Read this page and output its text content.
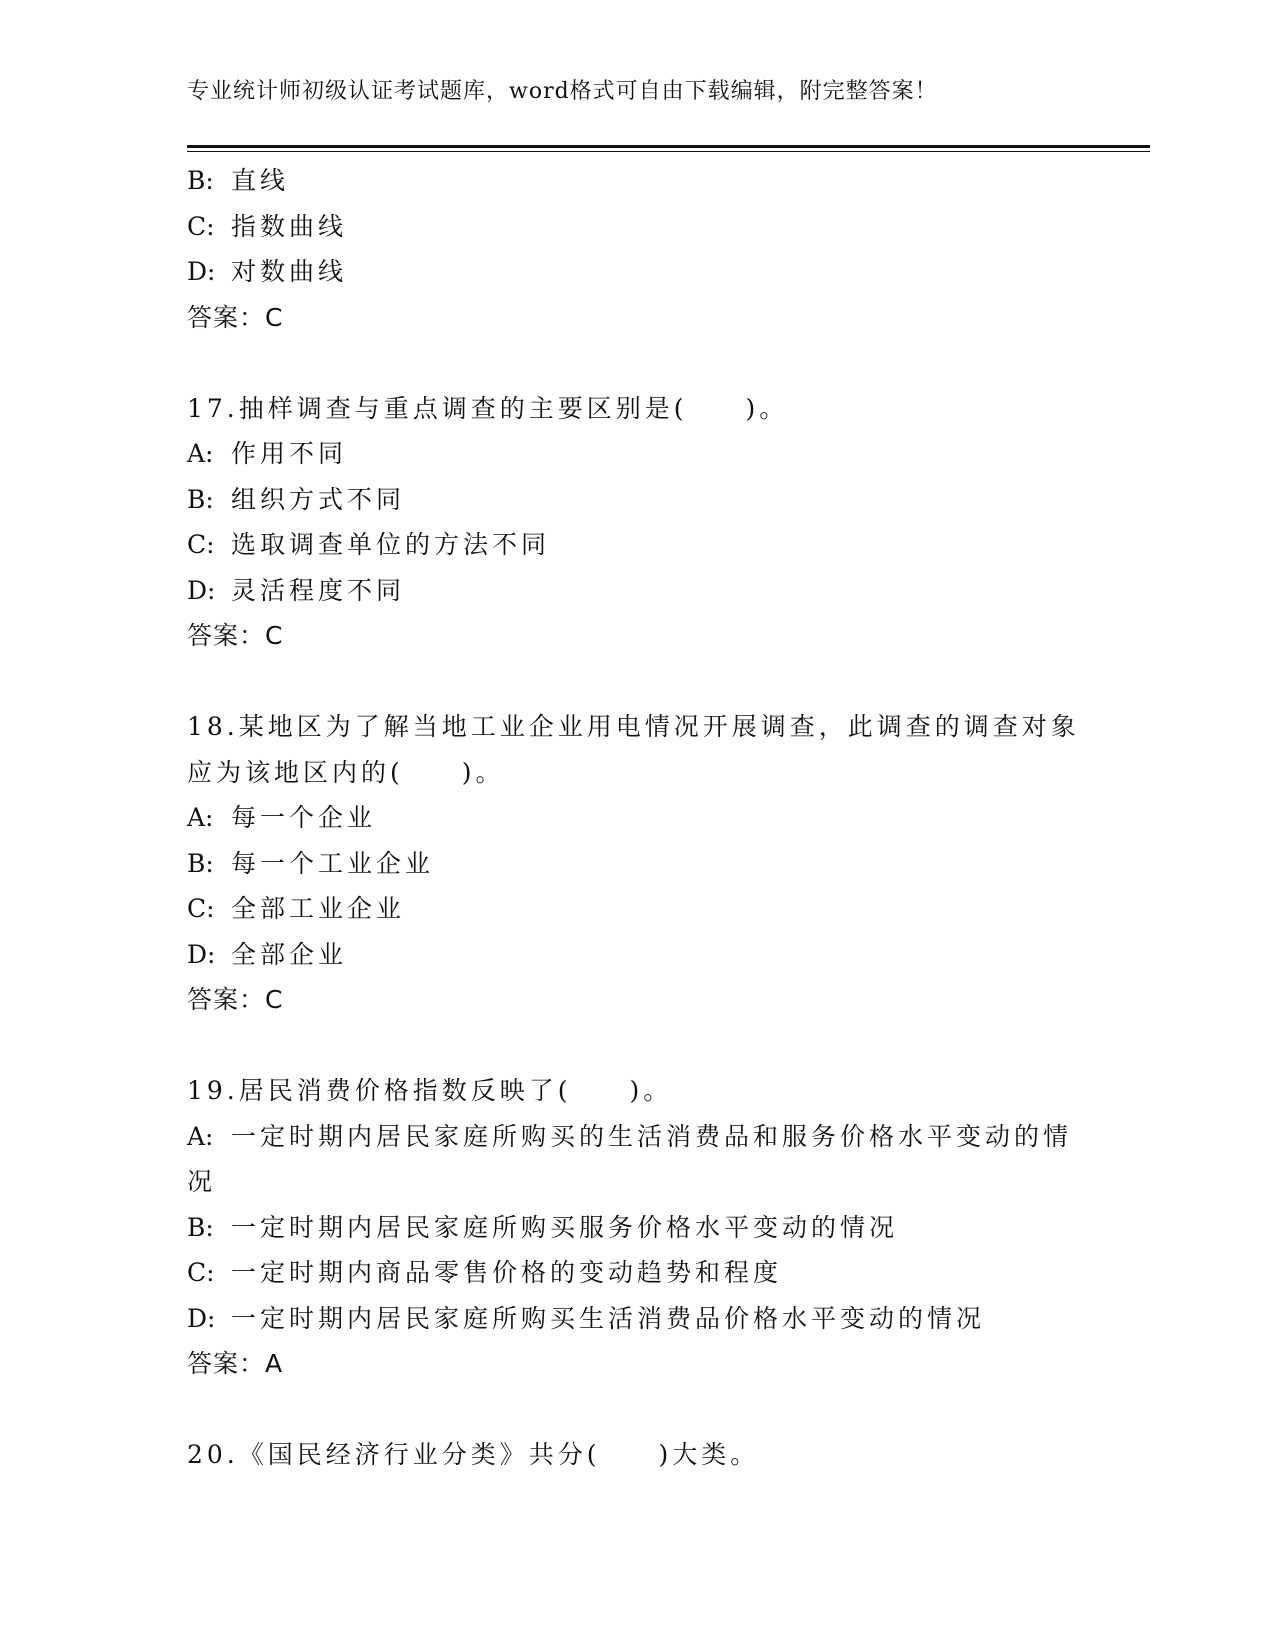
专业统计师初级认证考试题库，word格式可自由下载编辑，附完整答案！
B: 直线
C: 指数曲线
D: 对数曲线
答案：C
17.抽样调查与重点调查的主要区别是(　　)。
A: 作用不同
B: 组织方式不同
C: 选取调查单位的方法不同
D: 灵活程度不同
答案：C
18.某地区为了解当地工业企业用电情况开展调查，此调查的调查对象
应为该地区内的(　　)。
A: 每一个企业
B: 每一个工业企业
C: 全部工业企业
D: 全部企业
答案：C
19.居民消费价格指数反映了(　　)。
A: 一定时期内居民家庭所购买的生活消费品和服务价格水平变动的情
况
B: 一定时期内居民家庭所购买服务价格水平变动的情况
C: 一定时期内商品零售价格的变动趋势和程度
D: 一定时期内居民家庭所购买生活消费品价格水平变动的情况
答案：A
20.《国民经济行业分类》共分(　　)大类。
